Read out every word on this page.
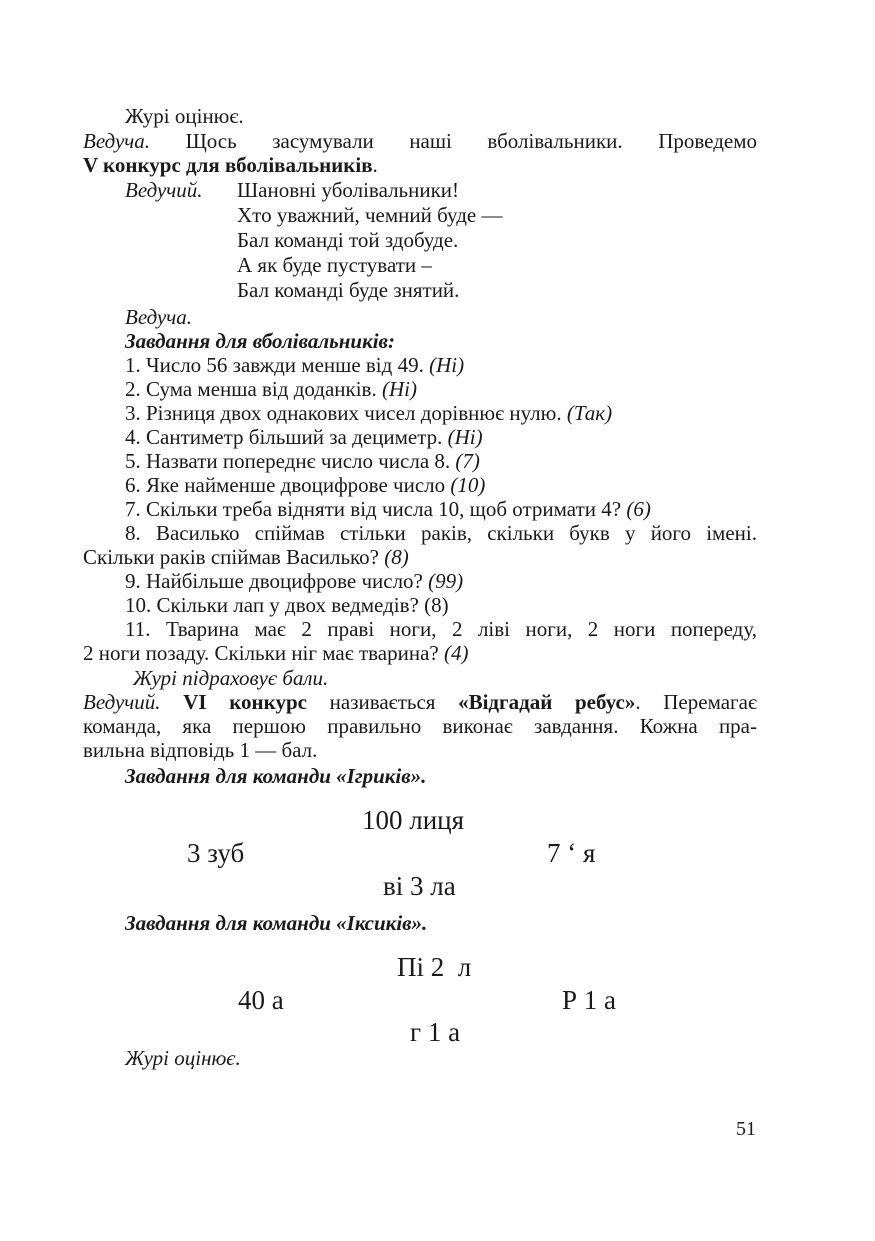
Журі оцінює.
Ведуча. Щось засумували наші вболівальники. Проведемо
V конкурс для вболівальників.
Ведучий. Шановні уболівальники!
Хто уважний, чемний буде —
Бал команді той здобуде.
А як буде пустувати –
Бал команді буде знятий.
Ведуча.
Завдання для вболівальників:
1. Число 56 завжди менше від 49. (Ні)
2. Сума менша від доданків. (Ні)
3. Різниця двох однакових чисел дорівнює нулю. (Так)
4. Сантиметр більший за дециметр. (Ні)
5. Назвати попереднє число числа 8. (7)
6. Яке найменше двоцифрове число (10)
7. Скільки треба відняти від числа 10, щоб отримати 4? (6)
8. Василько спіймав стільки раків, скільки букв у його імені.
Скільки раків спіймав Василько? (8)
9. Найбільше двоцифрове число? (99)
10. Скільки лап у двох ведмедів? (8)
11. Тварина має 2 праві ноги, 2 ліві ноги, 2 ноги попереду,
2 ноги позаду. Скільки ніг має тварина? (4)
Журі підраховує бали.
Ведучий. VI конкурс називається «Відгадай ребус». Перемагає
команда, яка першою правильно виконає завдання. Кожна пра-
вильна відповідь 1 — бал.
Завдання для команди «Ігриків».
100 лиця
3 зуб	7 ‘ я
ві 3 ла
Завдання для команди «Іксиків».
Пі 2  л
40 а	Р 1 а
г 1 а
Журі оцінює.
51
